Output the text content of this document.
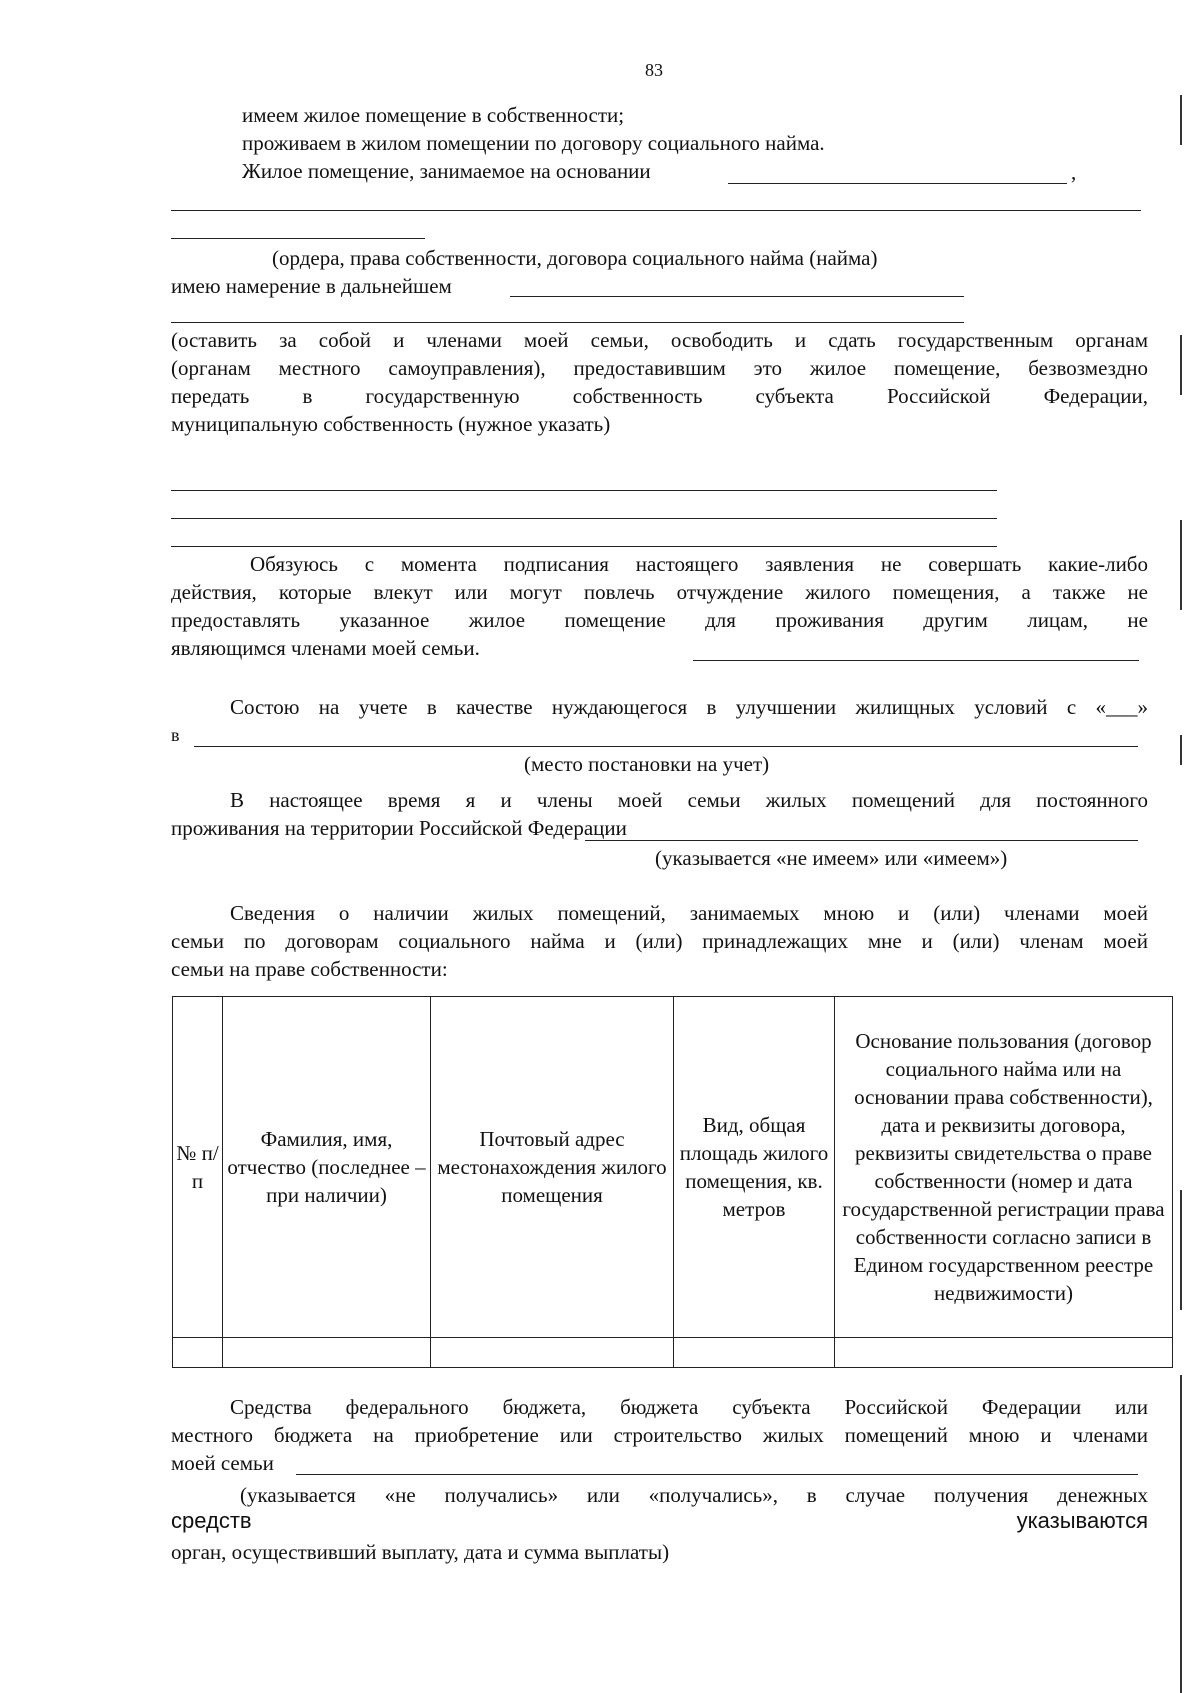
83
имеем жилое помещение в собственности;
проживаем в жилом помещении по договору социального найма.
Жилое помещение, занимаемое на основании	,
(ордера, права собственности, договора социального найма (найма)
имею намерение в дальнейшем
(оставить за собой и членами моей семьи, освободить и сдать государственным органам
(органам местного самоуправления), предоставившим это жилое помещение, безвозмездно
передать в государственную собственность субъекта Российской Федерации,
муниципальную собственность (нужное указать)
Обязуюсь с момента подписания настоящего заявления не совершать какие-либо
действия, которые влекут или могут повлечь отчуждение жилого помещения, а также не
предоставлять указанное жилое помещение для проживания другим лицам, не
являющимся членами моей семьи.
Состою на учете в качестве нуждающегося в улучшении жилищных условий с «___»
в
(место постановки на учет)
В настоящее время я и члены моей семьи жилых помещений для постоянного
проживания на территории Российской Федерации
(указывается «не имеем» или «имеем»)
Сведения о наличии жилых помещений, занимаемых мною и (или) членами моей
семьи по договорам социального найма и (или) принадлежащих мне и (или) членам моей
семьи на праве собственности:
№ п/п	Фамилия, имя, отчество (последнее – при наличии)	Почтовый адрес местонахождения жилого помещения	Вид, общая площадь жилого помещения, кв. метров	Основание пользования (договор социального найма или на основании права собственности), дата и реквизиты договора, реквизиты свидетельства о праве собственности (номер и дата государственной регистрации права собственности согласно записи в Едином государственном реестре недвижимости)

Средства федерального бюджета, бюджета субъекта Российской Федерации или
местного бюджета на приобретение или строительство жилых помещений мною и членами
моей семьи
(указывается «не получались» или «получались», в случае получения денежных
средств	указываются
орган, осуществивший выплату, дата и сумма выплаты)
